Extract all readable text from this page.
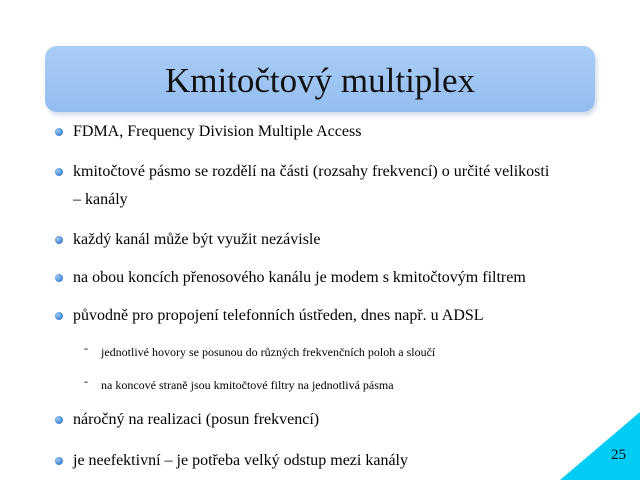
Kmitočtový multiplex
FDMA, Frequency Division Multiple Access
kmitočtové pásmo se rozdělí na části (rozsahy frekvencí) o určité velikosti – kanály
každý kanál může být využit nezávisle
na obou koncích přenosového kanálu je modem s kmitočtovým filtrem
původně pro propojení telefonních ústředen, dnes např. u ADSL
-	jednotlivé hovory se posunou do různých frekvenčních poloh a sloučí
-	na koncové straně jsou kmitočtové filtry na jednotlivá pásma
náročný na realizaci (posun frekvencí)
je neefektivní – je potřeba velký odstup mezi kanály	25
